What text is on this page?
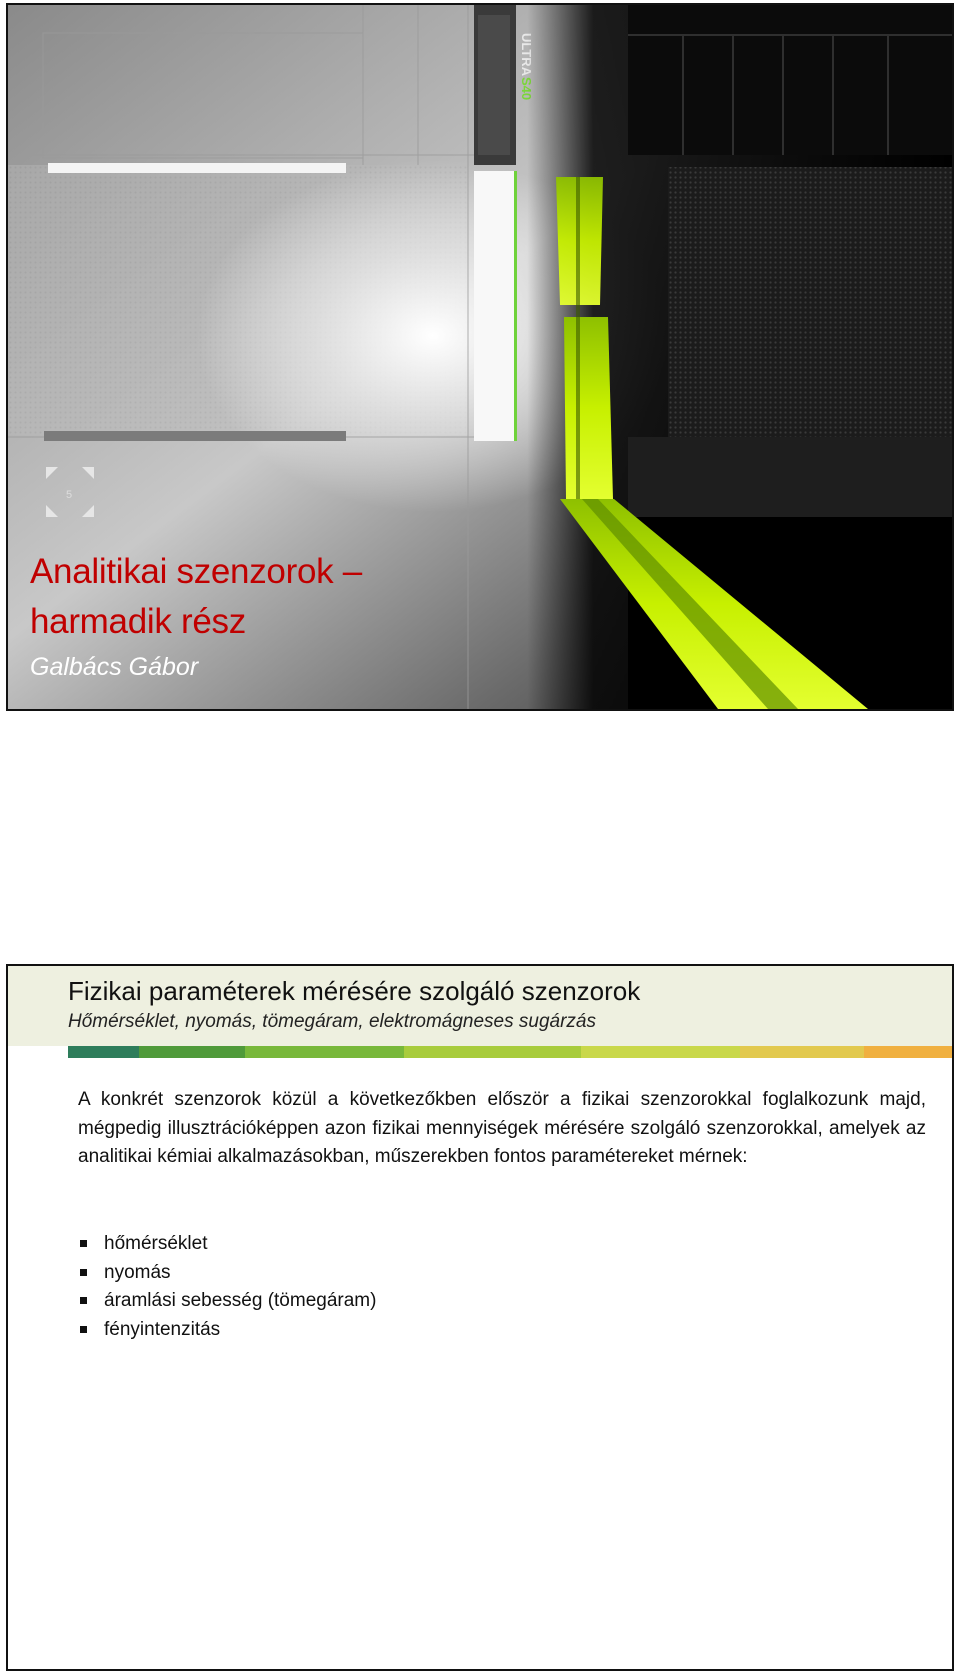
Analitikai szenzorok –
harmadik rész
Galbács Gábor
Fizikai paraméterek mérésére szolgáló szenzorok
Hőmérséklet, nyomás, tömegáram, elektromágneses sugárzás
A konkrét szenzorok közül a következőkben először a fizikai szenzorokkal foglalkozunk majd, mégpedig illusztrációképpen azon fizikai mennyiségek mérésére szolgáló szenzorokkal, amelyek az analitikai kémiai alkalmazásokban, műszerekben fontos paramétereket mérnek:
hőmérséklet
nyomás
áramlási sebesség (tömegáram)
fényintenzitás
